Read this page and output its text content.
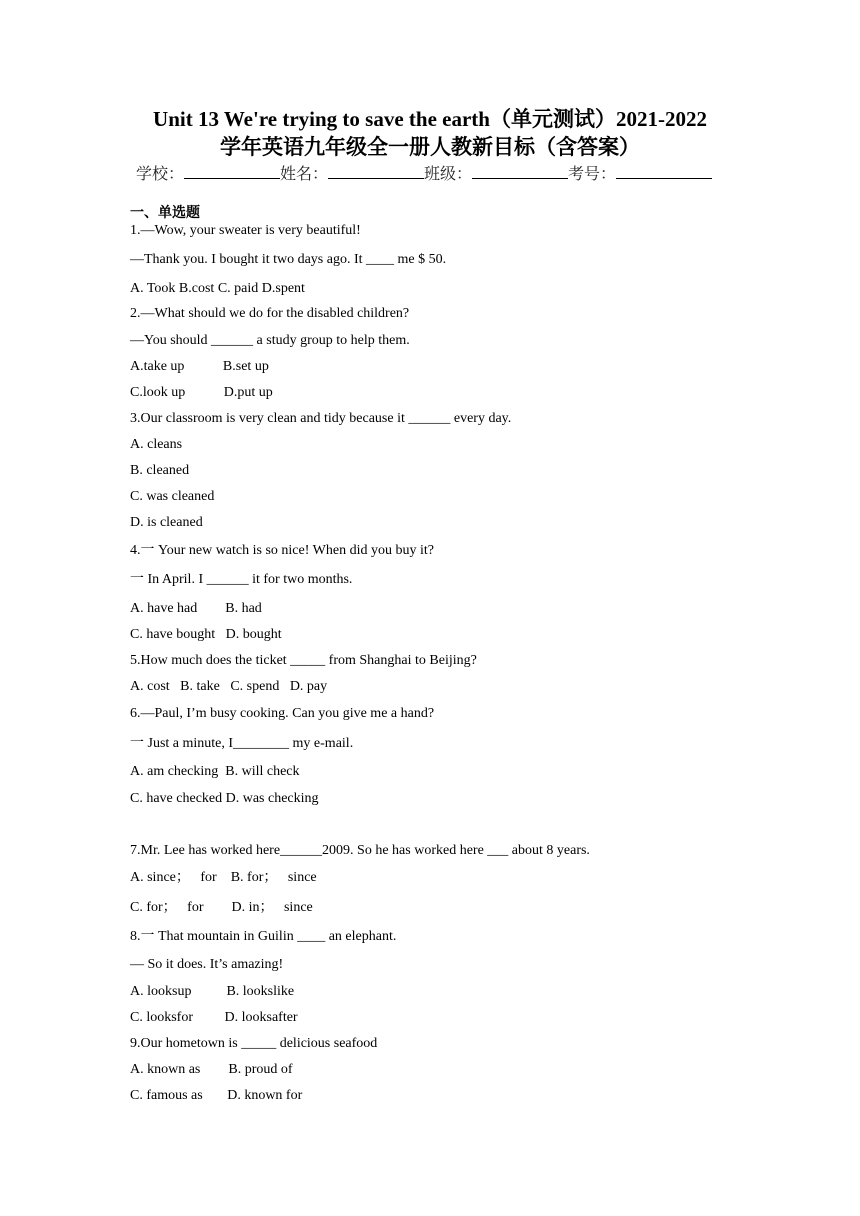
Unit 13 We're trying to save the earth（单元测试）2021-2022
学年英语九年级全一册人教新目标（含答案）
学校：	姓名：	班级：	考号：
一、单选题
1.—Wow, your sweater is very beautiful!
—Thank you. I bought it two days ago. It ____ me $ 50.
A. Took B.cost C. paid D.spent
2.—What should we do for the disabled children?
—You should ______ a study group to help them.
A.take up           B.set up
C.look up           D.put up
3.Our classroom is very clean and tidy because it ______ every day.
A. cleans
B. cleaned
C. was cleaned
D. is cleaned
4.一 Your new watch is so nice! When did you buy it?
一 In April. I ______ it for two months.
A. have had        B. had
C. have bought   D. bought
5.How much does the ticket _____ from Shanghai to Beijing?
A. cost   B. take   C. spend   D. pay
6.—Paul, I’m busy cooking. Can you give me a hand?
一 Just a minute, I________ my e-mail.
A. am checking  B. will check
C. have checked D. was checking
7.Mr. Lee has worked here______2009. So he has worked here ___ about 8 years.
A. since；   for    B. for；   since
C. for；   for        D. in；   since
8.一 That mountain in Guilin ____ an elephant.
— So it does. It’s amazing!
A. looksup          B. lookslike
C. looksfor         D. looksafter
9.Our hometown is _____ delicious seafood
A. known as        B. proud of
C. famous as       D. known for
